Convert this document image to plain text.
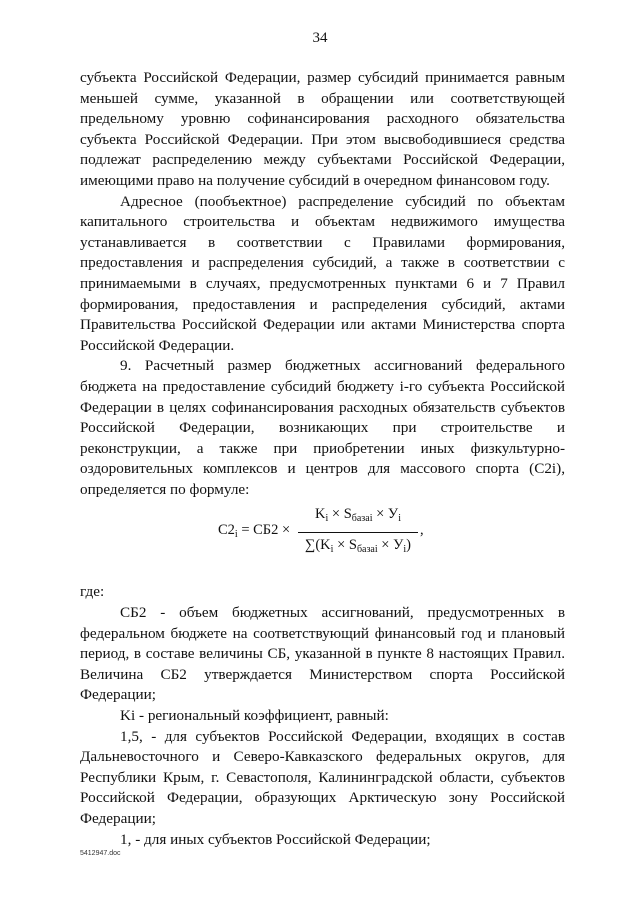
34

субъекта Российской Федерации, размер субсидий принимается равным меньшей сумме, указанной в обращении или соответствующей предельному уровню софинансирования расходного обязательства субъекта Российской Федерации. При этом высвободившиеся средства подлежат распределению между субъектами Российской Федерации, имеющими право на получение субсидий в очередном финансовом году.

Адресное (пообъектное) распределение субсидий по объектам капитального строительства и объектам недвижимого имущества устанавливается в соответствии с Правилами формирования, предоставления и распределения субсидий, а также в соответствии с принимаемыми в случаях, предусмотренных пунктами 6 и 7 Правил формирования, предоставления и распределения субсидий, актами Правительства Российской Федерации или актами Министерства спорта Российской Федерации.

9. Расчетный размер бюджетных ассигнований федерального бюджета на предоставление субсидий бюджету i-го субъекта Российской Федерации в целях софинансирования расходных обязательств субъектов Российской Федерации, возникающих при строительстве и реконструкции, а также при приобретении иных физкультурно-оздоровительных комплексов и центров для массового спорта (С2i), определяется по формуле:

$С2_i = СБ2$ ×
$K_i \times S_{базаi} \times У_i$
$\sum(K_i \times S_{базаi} \times У_i)$
,

где:

СБ2 - объем бюджетных ассигнований, предусмотренных в федеральном бюджете на соответствующий финансовый год и плановый период, в составе величины СБ, указанной в пункте 8 настоящих Правил. Величина СБ2 утверждается Министерством спорта Российской Федерации;

Ki - региональный коэффициент, равный:

1,5, - для субъектов Российской Федерации, входящих в состав Дальневосточного и Северо-Кавказского федеральных округов, для Республики Крым, г. Севастополя, Калининградской области, субъектов Российской Федерации, образующих Арктическую зону Российской Федерации;

1, - для иных субъектов Российской Федерации;

5412947.doc
